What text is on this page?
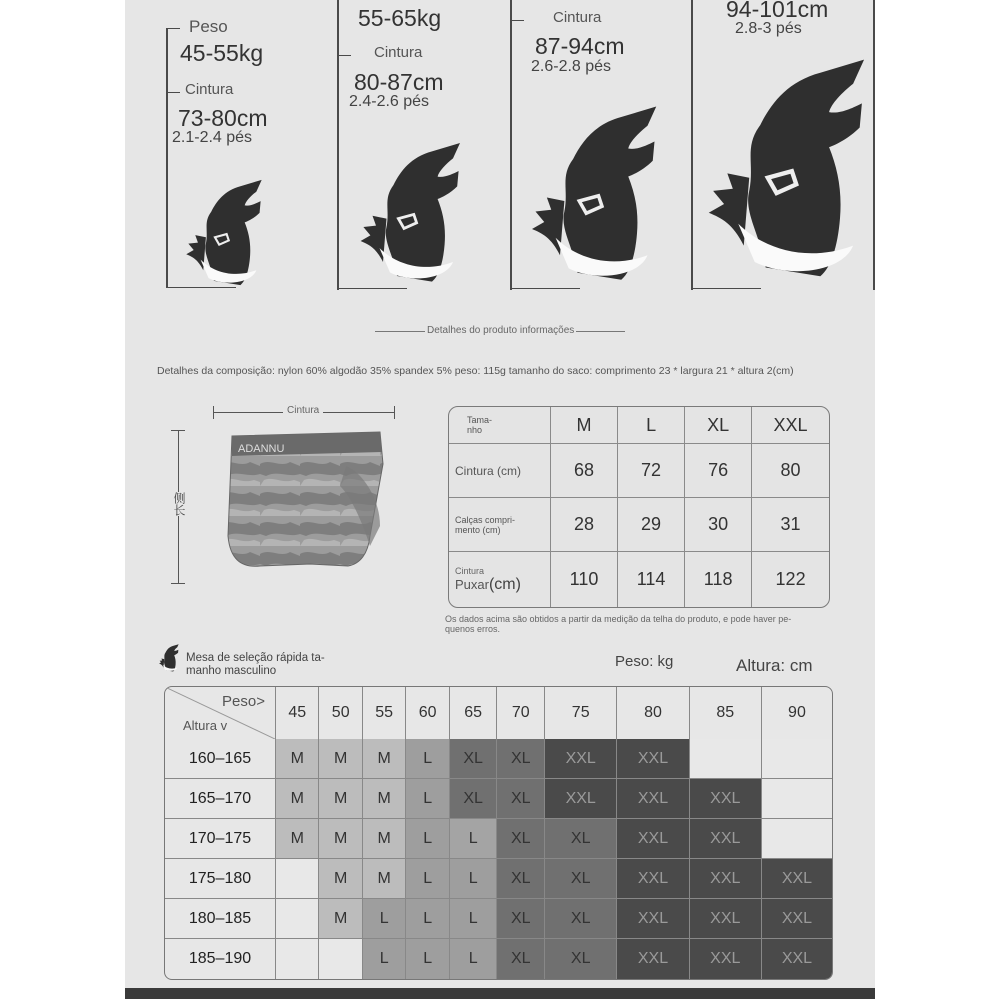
Peso
45-55kg
Cintura
73-80cm
2.1-2.4 pés
55-65kg
Cintura
80-87cm
2.4-2.6 pés
Cintura
87-94cm
2.6-2.8 pés
94-101cm
2.8-3 pés
Detalhes do produto informações
Detalhes da composição: nylon 60% algodão 35% spandex 5% peso: 115g tamanho do saco: comprimento 23 * largura 21 * altura 2(cm)
Cintura
侧长
ADANNU
Tama-
nho	M	L	XL	XXL
Cintura (cm)	68	72	76	80
Calças compri-
mento (cm)	28	29	30	31

Cintura
Puxar(cm)	110	114	118	122
Os dados acima são obtidos a partir da medição da telha do produto, e pode haver pe-
quenos erros.
Mesa de seleção rápida ta-
manho masculino
Peso: kg	Altura: cm
Peso>
Altura v	45	50	55	60	65	70	75	80	85	90
160–165	M	M	M	L	XL	XL	XXL	XXL		
165–170	M	M	M	L	XL	XL	XXL	XXL	XXL	
170–175	M	M	M	L	L	XL	XL	XXL	XXL	
175–180		M	M	L	L	XL	XL	XXL	XXL	XXL
180–185		M	L	L	L	XL	XL	XXL	XXL	XXL
185–190			L	L	L	XL	XL	XXL	XXL	XXL
